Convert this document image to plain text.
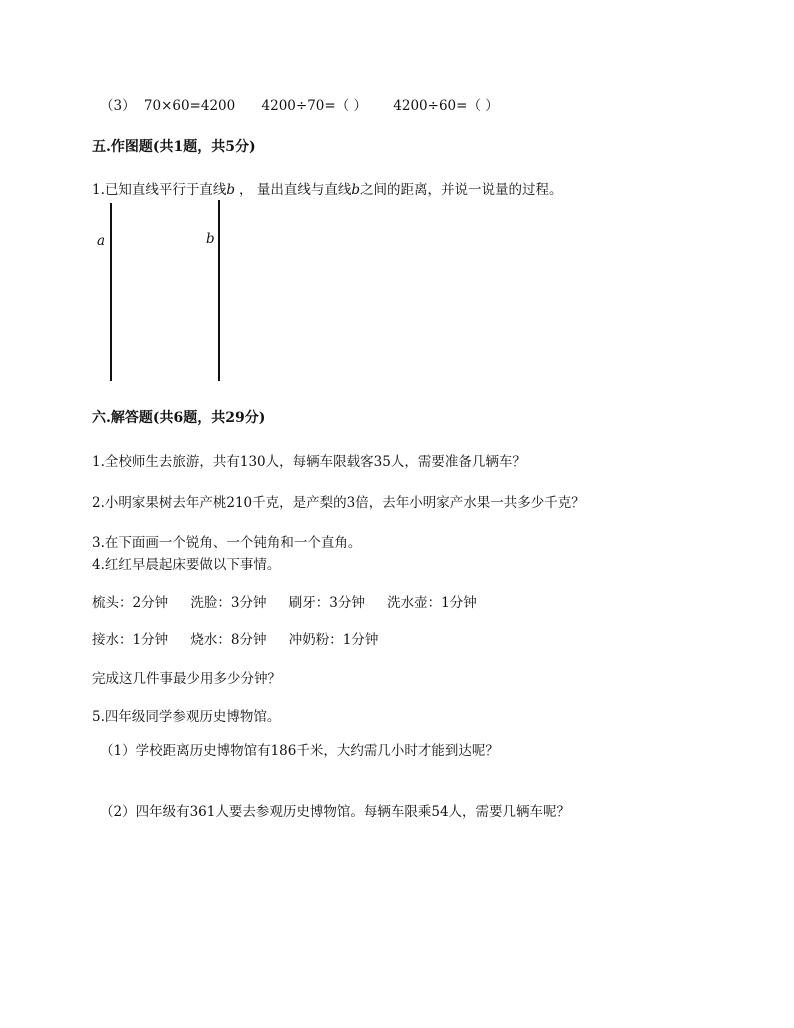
（3） 70×60=4200 4200÷70=（ ） 4200÷60=（ ）
五.作图题(共1题，共5分)
1.已知直线平行于直线b ， 量出直线与直线b之间的距离，并说一说量的过程。
a	b
六.解答题(共6题，共29分)
1.全校师生去旅游，共有130人，每辆车限载客35人，需要准备几辆车？
2.小明家果树去年产桃210千克，是产梨的3倍，去年小明家产水果一共多少千克？
3.在下面画一个锐角、一个钝角和一个直角。
4.红红早晨起床要做以下事情。
梳头：2分钟 洗脸：3分钟 刷牙：3分钟 洗水壶：1分钟
接水：1分钟 烧水：8分钟 冲奶粉：1分钟
完成这几件事最少用多少分钟？
5.四年级同学参观历史博物馆。
（1）学校距离历史博物馆有186千米，大约需几小时才能到达呢？
（2）四年级有361人要去参观历史博物馆。每辆车限乘54人，需要几辆车呢？
